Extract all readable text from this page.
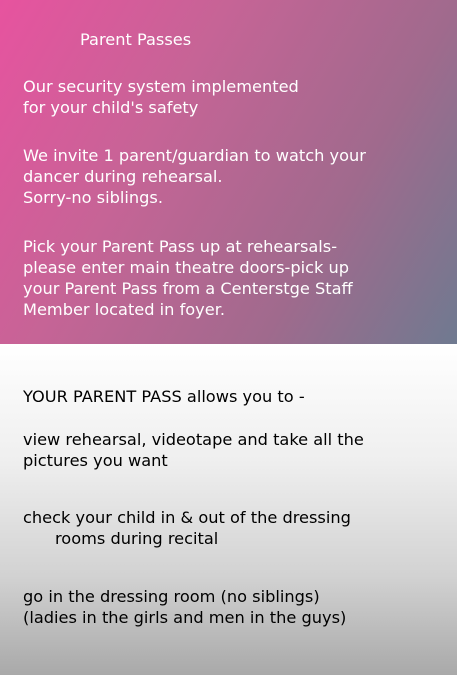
Parent Passes

Our security system implemented
for your child's safety

We invite 1 parent/guardian to watch your
dancer during rehearsal.
Sorry-no siblings.

Pick your Parent Pass up at rehearsals-
please enter main theatre doors-pick up
your Parent Pass from a Centerstge Staff
Member located in foyer.

YOUR PARENT PASS allows you to -

view rehearsal, videotape and take all the
pictures you want

check your child in & out of the dressing
rooms during recital

go in the dressing room (no siblings)
(ladies in the girls and men in the guys)
